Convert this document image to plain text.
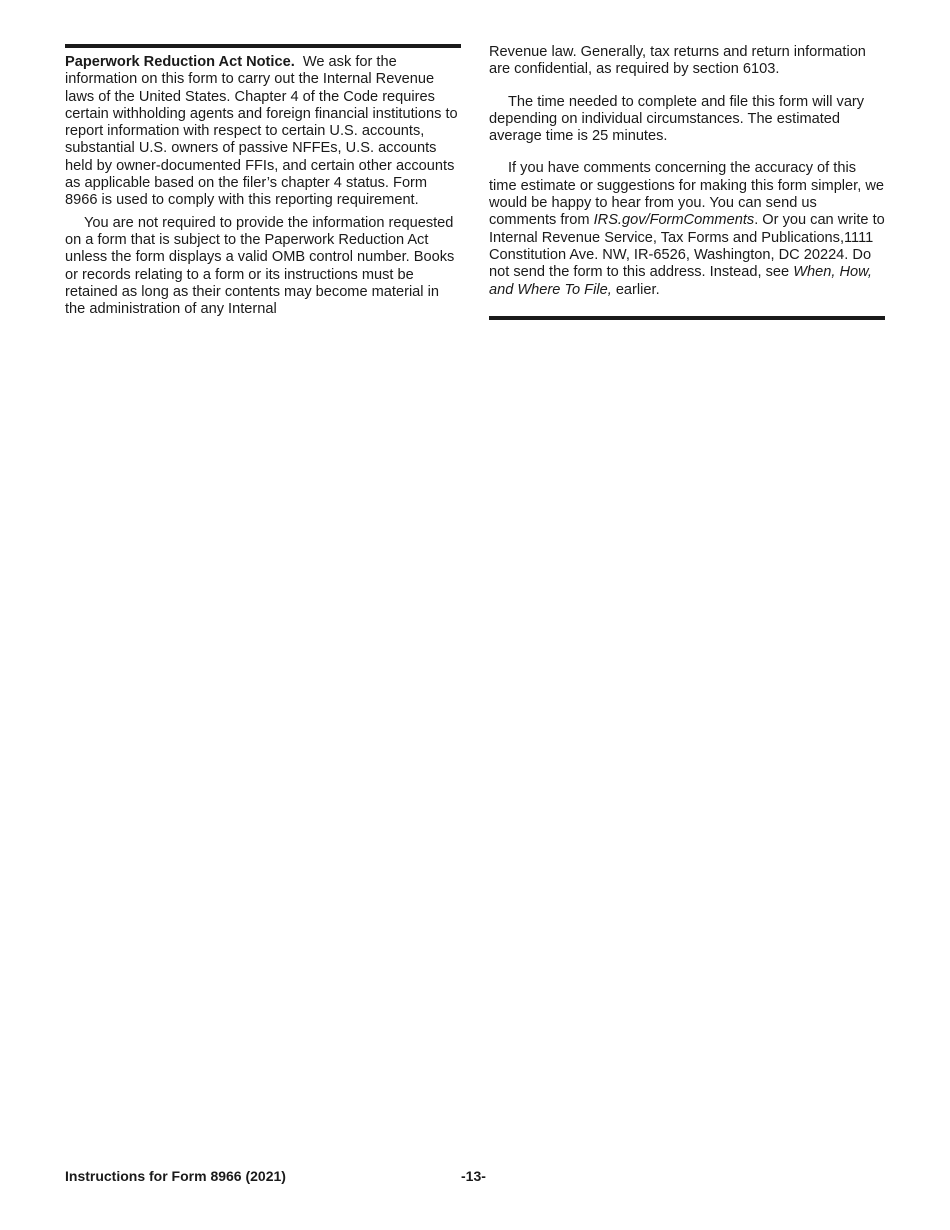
Paperwork Reduction Act Notice. We ask for the information on this form to carry out the Internal Revenue laws of the United States. Chapter 4 of the Code requires certain withholding agents and foreign financial institutions to report information with respect to certain U.S. accounts, substantial U.S. owners of passive NFFEs, U.S. accounts held by owner-documented FFIs, and certain other accounts as applicable based on the filer’s chapter 4 status. Form 8966 is used to comply with this reporting requirement.

You are not required to provide the information requested on a form that is subject to the Paperwork Reduction Act unless the form displays a valid OMB control number. Books or records relating to a form or its instructions must be retained as long as their contents may become material in the administration of any Internal

Revenue law. Generally, tax returns and return information are confidential, as required by section 6103.

The time needed to complete and file this form will vary depending on individual circumstances. The estimated average time is 25 minutes.

If you have comments concerning the accuracy of this time estimate or suggestions for making this form simpler, we would be happy to hear from you. You can send us comments from IRS.gov/FormComments. Or you can write to Internal Revenue Service, Tax Forms and Publications,1111 Constitution Ave. NW, IR-6526, Washington, DC 20224. Do not send the form to this address. Instead, see When, How, and Where To File, earlier.

Instructions for Form 8966 (2021)	-13-
